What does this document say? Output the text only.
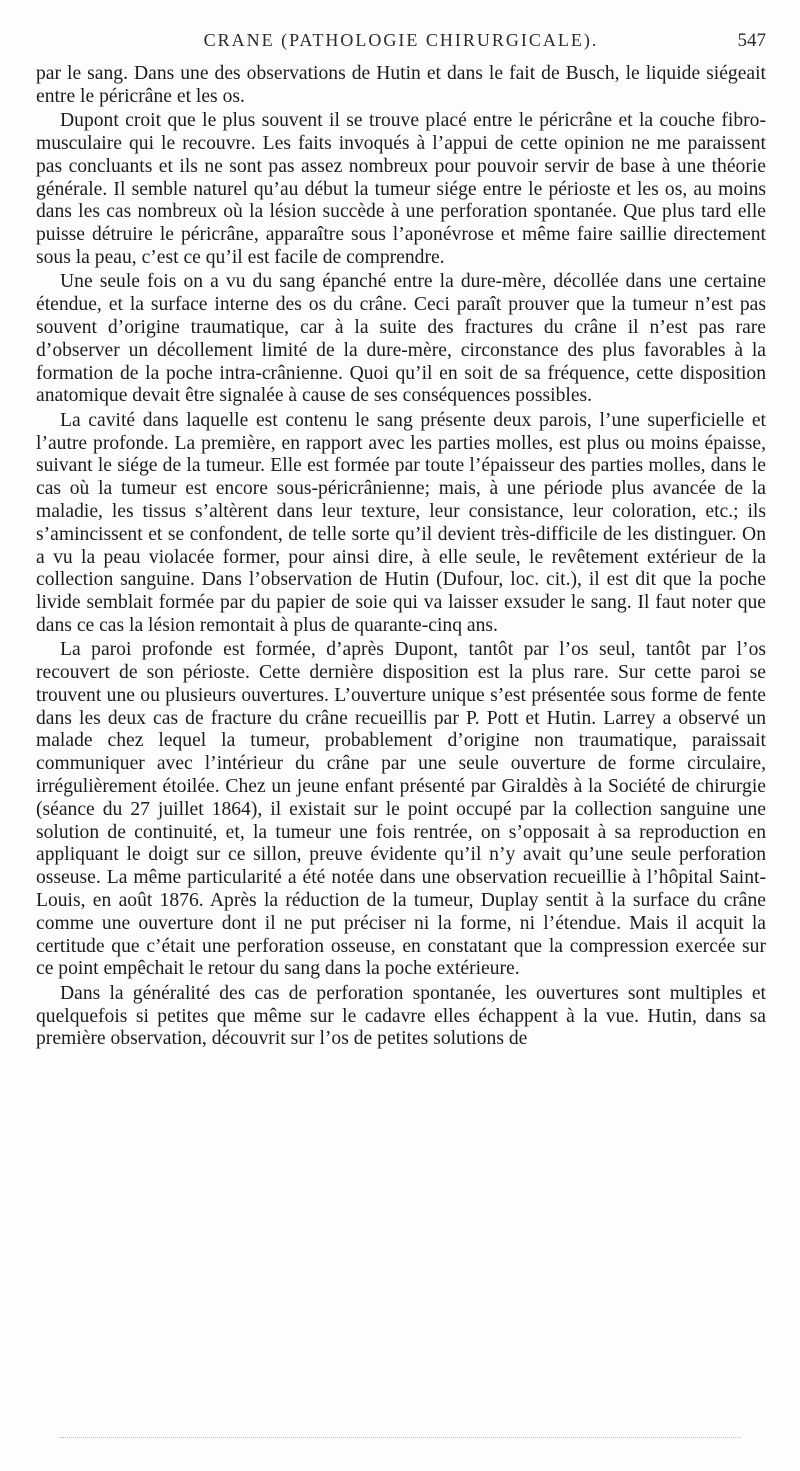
CRANE (PATHOLOGIE CHIRURGICALE).	547

par le sang. Dans une des observations de Hutin et dans le fait de Busch, le liquide siégeait entre le péricrâne et les os.

Dupont croit que le plus souvent il se trouve placé entre le péricrâne et la couche fibro-musculaire qui le recouvre. Les faits invoqués à l’appui de cette opinion ne me paraissent pas concluants et ils ne sont pas assez nombreux pour pouvoir servir de base à une théorie générale. Il semble naturel qu’au début la tumeur siége entre le périoste et les os, au moins dans les cas nombreux où la lésion succède à une perforation spontanée. Que plus tard elle puisse détruire le péricrâne, apparaître sous l’aponévrose et même faire saillie directement sous la peau, c’est ce qu’il est facile de comprendre.

Une seule fois on a vu du sang épanché entre la dure-mère, décollée dans une certaine étendue, et la surface interne des os du crâne. Ceci paraît prouver que la tumeur n’est pas souvent d’origine traumatique, car à la suite des fractures du crâne il n’est pas rare d’observer un décollement limité de la dure-mère, circonstance des plus favorables à la formation de la poche intra-crânienne. Quoi qu’il en soit de sa fréquence, cette disposition anatomique devait être signalée à cause de ses conséquences possibles.

La cavité dans laquelle est contenu le sang présente deux parois, l’une superficielle et l’autre profonde. La première, en rapport avec les parties molles, est plus ou moins épaisse, suivant le siége de la tumeur. Elle est formée par toute l’épaisseur des parties molles, dans le cas où la tumeur est encore sous-péricrânienne; mais, à une période plus avancée de la maladie, les tissus s’altèrent dans leur texture, leur consistance, leur coloration, etc.; ils s’amincissent et se confondent, de telle sorte qu’il devient très-difficile de les distinguer. On a vu la peau violacée former, pour ainsi dire, à elle seule, le revêtement extérieur de la collection sanguine. Dans l’observation de Hutin (Dufour, loc. cit.), il est dit que la poche livide semblait formée par du papier de soie qui va laisser exsuder le sang. Il faut noter que dans ce cas la lésion remontait à plus de quarante-cinq ans.

La paroi profonde est formée, d’après Dupont, tantôt par l’os seul, tantôt par l’os recouvert de son périoste. Cette dernière disposition est la plus rare. Sur cette paroi se trouvent une ou plusieurs ouvertures. L’ouverture unique s’est présentée sous forme de fente dans les deux cas de fracture du crâne recueillis par P. Pott et Hutin. Larrey a observé un malade chez lequel la tumeur, probablement d’origine non traumatique, paraissait communiquer avec l’intérieur du crâne par une seule ouverture de forme circulaire, irrégulièrement étoilée. Chez un jeune enfant présenté par Giraldès à la Société de chirurgie (séance du 27 juillet 1864), il existait sur le point occupé par la collection sanguine une solution de continuité, et, la tumeur une fois rentrée, on s’opposait à sa reproduction en appliquant le doigt sur ce sillon, preuve évidente qu’il n’y avait qu’une seule perforation osseuse. La même particularité a été notée dans une observation recueillie à l’hôpital Saint-Louis, en août 1876. Après la réduction de la tumeur, Duplay sentit à la surface du crâne comme une ouverture dont il ne put préciser ni la forme, ni l’étendue. Mais il acquit la certitude que c’était une perforation osseuse, en constatant que la compression exercée sur ce point empêchait le retour du sang dans la poche extérieure.

Dans la généralité des cas de perforation spontanée, les ouvertures sont multiples et quelquefois si petites que même sur le cadavre elles échappent à la vue. Hutin, dans sa première observation, découvrit sur l’os de petites solutions de
